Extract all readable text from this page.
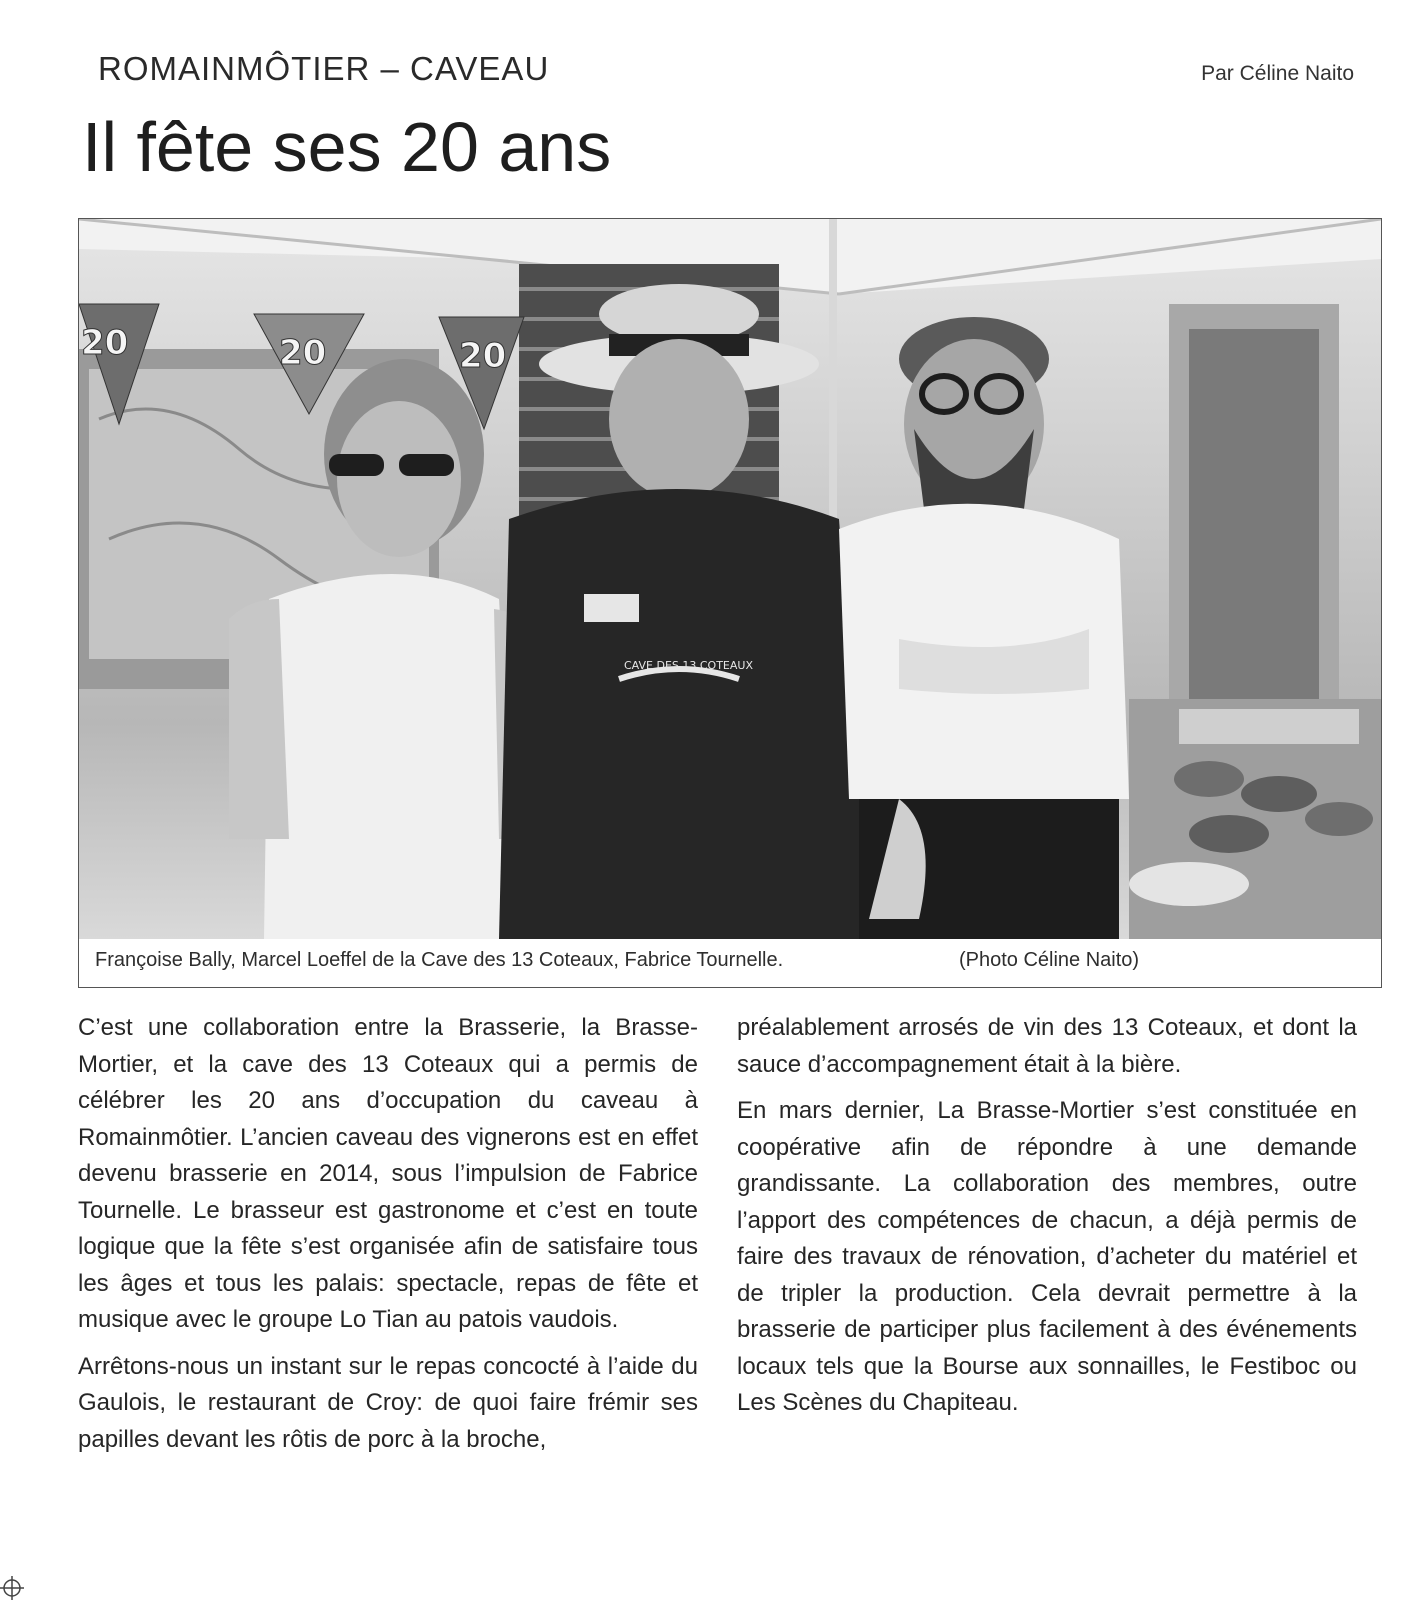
ROMAINMÔTIER – CAVEAU	Par Céline Naito
Il fête ses 20 ans
20	20	20
CAVE DES 13 COTEAUX
Françoise Bally, Marcel Loeffel de la Cave des 13 Coteaux, Fabrice Tournelle.	(Photo Céline Naito)

C’est une collaboration entre la Brasserie, la Brasse-Mortier, et la cave des 13 Coteaux qui a permis de célébrer les 20 ans d’occupation du caveau à Romainmôtier. L’ancien caveau des vignerons est en effet devenu brasserie en 2014, sous l’impulsion de Fabrice Tournelle. Le brasseur est gastronome et c’est en toute logique que la fête s’est organisée afin de satisfaire tous les âges et tous les palais: spectacle, repas de fête et musique avec le groupe Lo Tian au patois vaudois.

Arrêtons-nous un instant sur le repas concocté à l’aide du Gaulois, le restaurant de Croy: de quoi faire frémir ses papilles devant les rôtis de porc à la broche,

préalablement arrosés de vin des 13 Coteaux, et dont la sauce d’accompagnement était à la bière.

En mars dernier, La Brasse-Mortier s’est constituée en coopérative afin de répondre à une demande grandissante. La collaboration des membres, outre l’apport des compétences de chacun, a déjà permis de faire des travaux de rénovation, d’acheter du matériel et de tripler la production. Cela devrait permettre à la brasserie de participer plus facilement à des événements locaux tels que la Bourse aux sonnailles, le Festiboc ou Les Scènes du Chapiteau.
